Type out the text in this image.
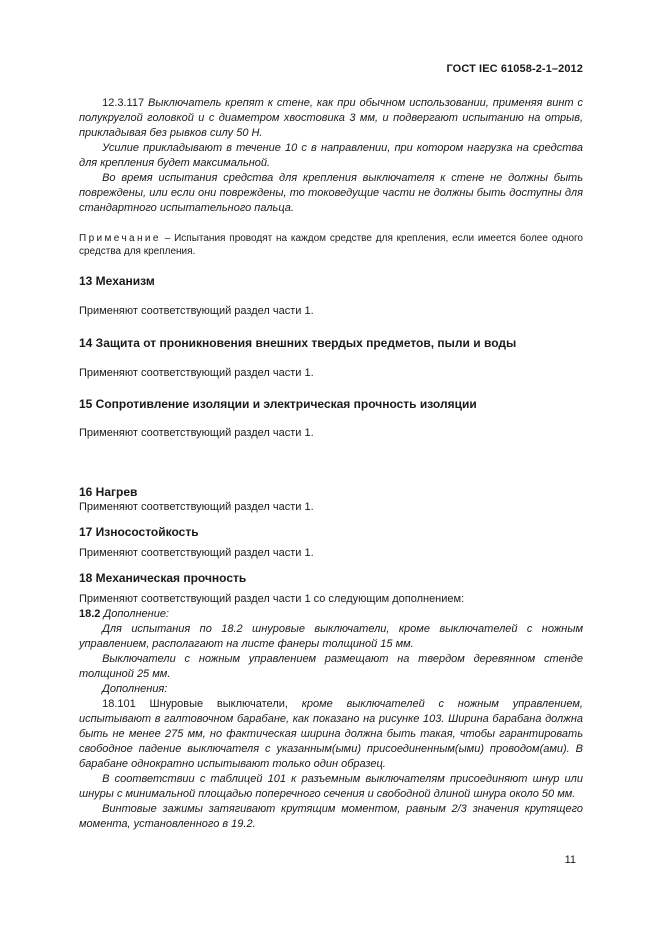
ГОСТ IEC 61058-2-1–2012

12.3.117 Выключатель крепят к стене, как при обычном использовании, применяя винт с полукруглой головкой и с диаметром хвостовика 3 мм, и подвергают испытанию на отрыв, прикладывая без рывков силу 50 Н.

Усилие прикладывают в течение 10 с в направлении, при котором нагрузка на средства для крепления будет максимальной.

Во время испытания средства для крепления выключателя к стене не должны быть повреждены, или если они повреждены, то токоведущие части не должны быть доступны для стандартного испытательного пальца.

Примечание – Испытания проводят на каждом средстве для крепления, если имеется более одного средства для крепления.

13 Механизм

Применяют соответствующий раздел части 1.

14 Защита от проникновения внешних твердых предметов, пыли и воды

Применяют соответствующий раздел части 1.

15 Сопротивление изоляции и электрическая прочность изоляции

Применяют соответствующий раздел части 1.

16 Нагрев

Применяют соответствующий раздел части 1.

17 Износостойкость

Применяют соответствующий раздел части 1.

18 Механическая прочность

Применяют соответствующий раздел части 1 со следующим дополнением:

18.2 Дополнение:

Для испытания по 18.2 шнуровые выключатели, кроме выключателей с ножным управлением, располагают на листе фанеры толщиной 15 мм.

Выключатели с ножным управлением размещают на твердом деревянном стенде толщиной 25 мм.

Дополнения:

18.101 Шнуровые выключатели, кроме выключателей с ножным управлением, испытывают в галтовочном барабане, как показано на рисунке 103. Ширина барабана должна быть не менее 275 мм, но фактическая ширина должна быть такая, чтобы гарантировать свободное падение выключателя с указанным(ыми) присоединенным(ыми) проводом(ами). В барабане однократно испытывают только один образец.

В соответствии с таблицей 101 к разъемным выключателям присоединяют шнур или шнуры с минимальной площадью поперечного сечения и свободной длиной шнура около 50 мм.

Винтовые зажимы затягивают крутящим моментом, равным 2/3 значения крутящего момента, установленного в 19.2.

11
